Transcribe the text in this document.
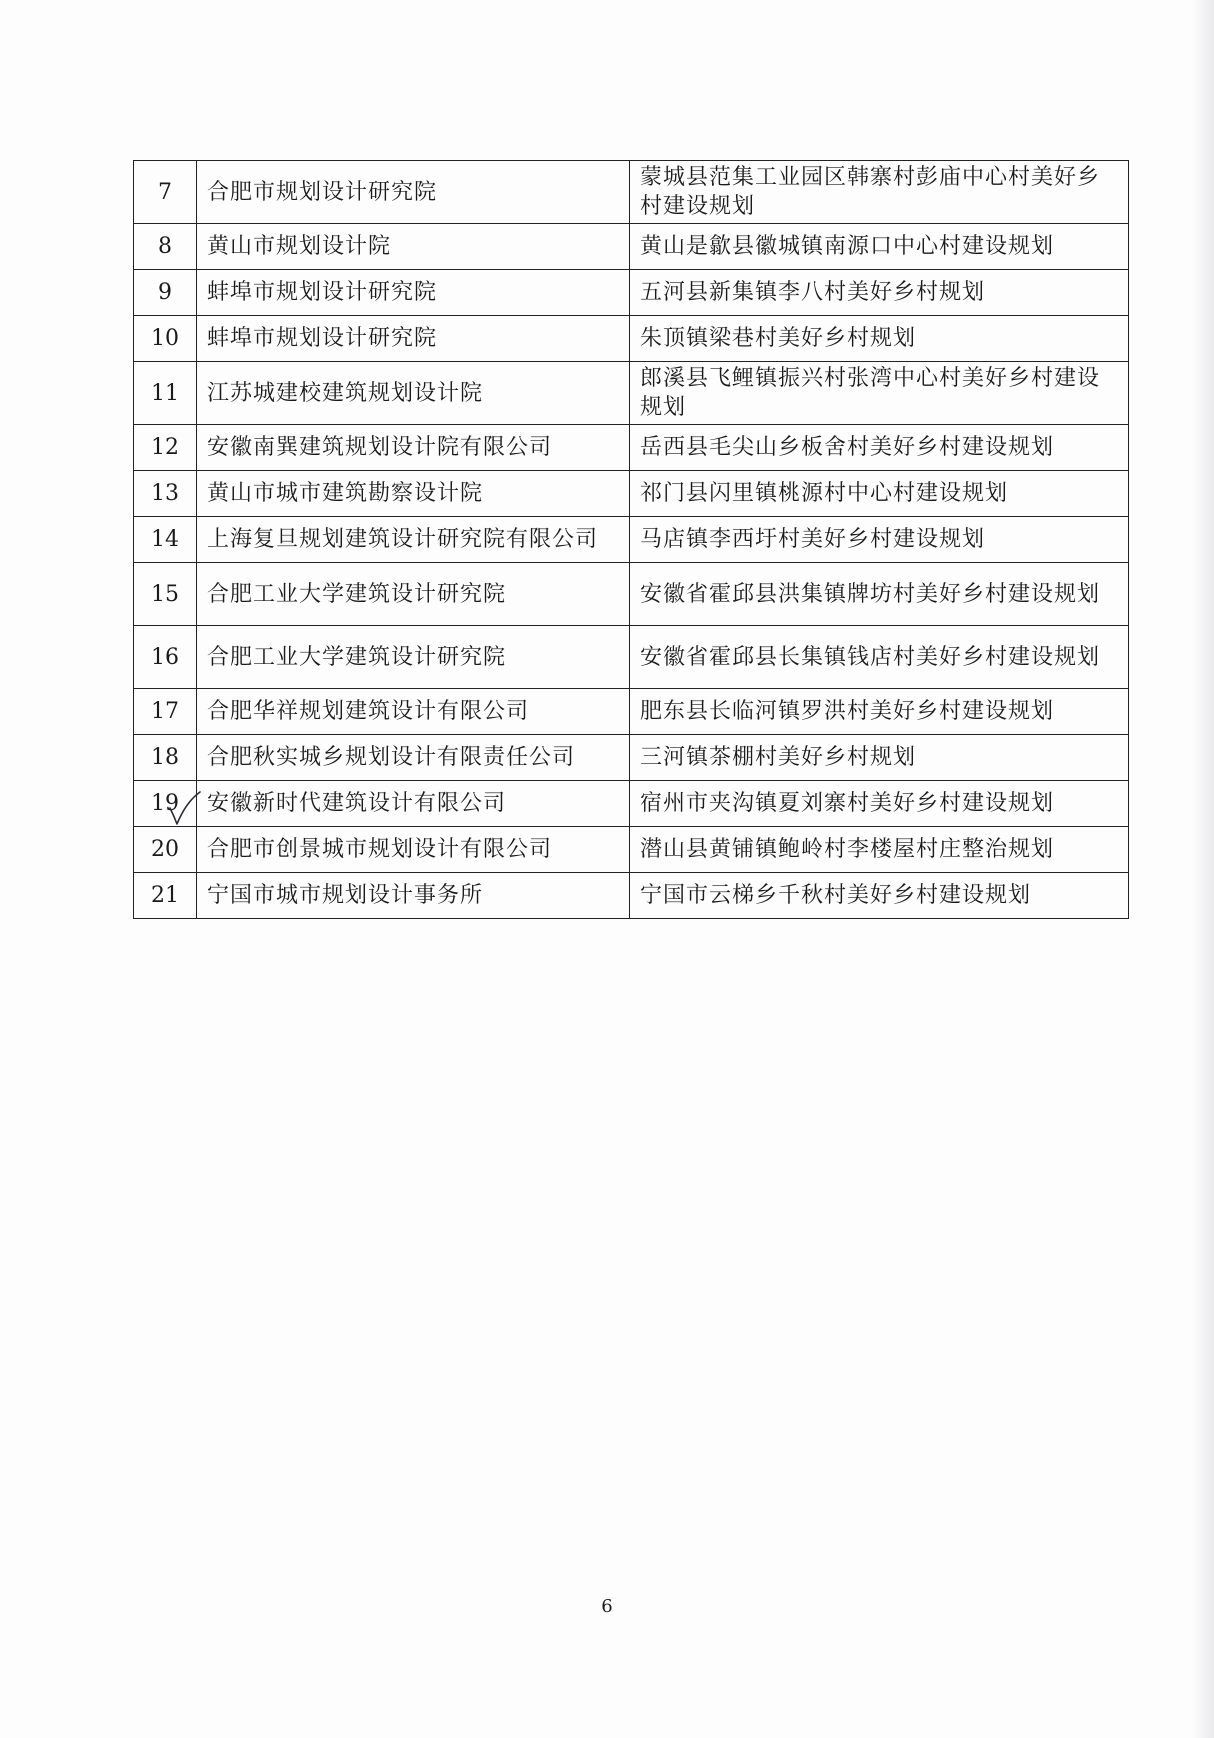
7	合肥市规划设计研究院	蒙城县范集工业园区韩寨村彭庙中心村美好乡村建设规划
8	黄山市规划设计院	黄山是歙县徽城镇南源口中心村建设规划
9	蚌埠市规划设计研究院	五河县新集镇李八村美好乡村规划
10	蚌埠市规划设计研究院	朱顶镇梁巷村美好乡村规划
11	江苏城建校建筑规划设计院	郎溪县飞鲤镇振兴村张湾中心村美好乡村建设规划
12	安徽南巽建筑规划设计院有限公司	岳西县毛尖山乡板舍村美好乡村建设规划
13	黄山市城市建筑勘察设计院	祁门县闪里镇桃源村中心村建设规划
14	上海复旦规划建筑设计研究院有限公司	马店镇李西圩村美好乡村建设规划
15	合肥工业大学建筑设计研究院	安徽省霍邱县洪集镇牌坊村美好乡村建设规划
16	合肥工业大学建筑设计研究院	安徽省霍邱县长集镇钱店村美好乡村建设规划
17	合肥华祥规划建筑设计有限公司	肥东县长临河镇罗洪村美好乡村建设规划
18	合肥秋实城乡规划设计有限责任公司	三河镇茶棚村美好乡村规划
19	安徽新时代建筑设计有限公司	宿州市夹沟镇夏刘寨村美好乡村建设规划
20	合肥市创景城市规划设计有限公司	潜山县黄铺镇鲍岭村李楼屋村庄整治规划
21	宁国市城市规划设计事务所	宁国市云梯乡千秋村美好乡村建设规划
6
